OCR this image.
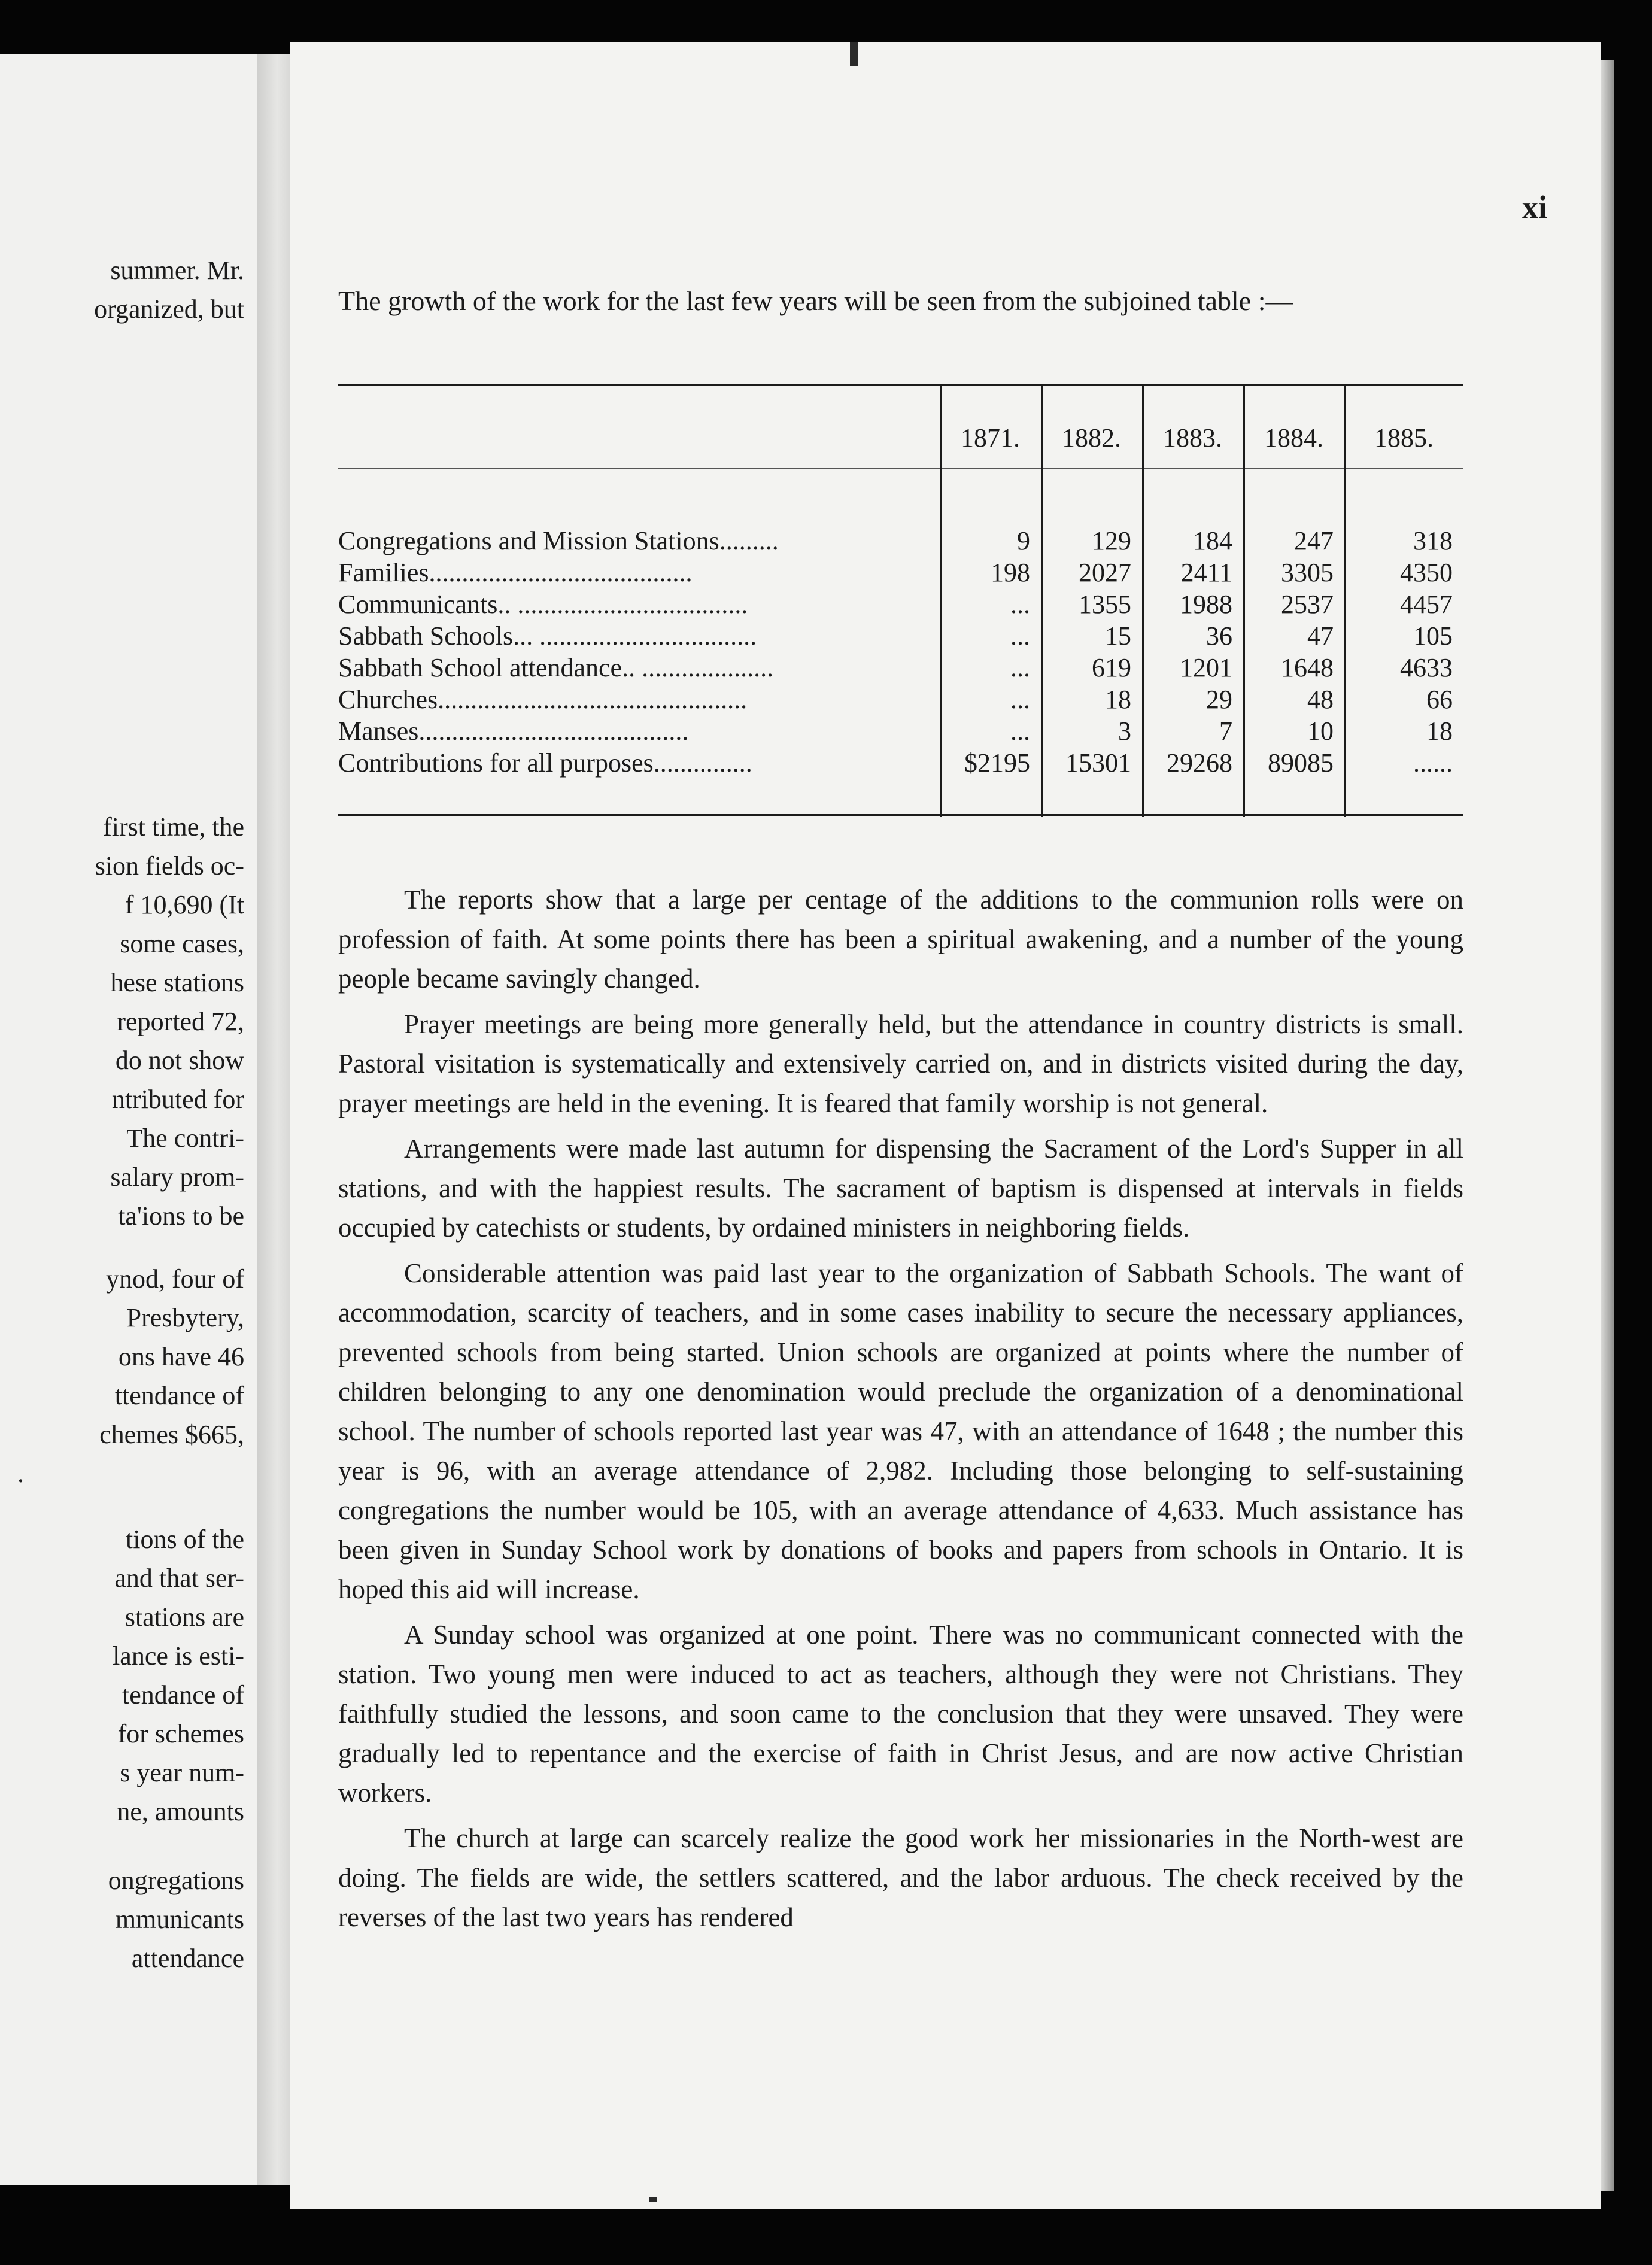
summer. Mr.
organized, but
first time, the
sion fields oc-
f 10,690 (It
some cases,
hese stations
reported 72,
do not show
ntributed for
The contri-
salary prom-
ta'ions to be
ynod, four of
Presbytery,
ons have 46
ttendance of
chemes $665,
.
tions of the
and that ser-
stations are
lance is esti-
tendance of
for schemes
s year num-
ne, amounts
ongregations
mmunicants
attendance
xi

The growth of the work for the last few years will be seen from the subjoined table :—

	1871.	1882.	1883.	1884.	1885.

Congregations and Mission Stations.........	9	129	184	247	318
Families........................................	198	2027	2411	3305	4350
Communicants.. ...................................	...	1355	1988	2537	4457
Sabbath Schools... .................................	...	15	36	47	105
Sabbath School attendance.. ....................	...	619	1201	1648	4633
Churches...............................................	...	18	29	48	66
Manses.........................................	...	3	7	10	18
Contributions for all purposes...............	$2195	15301	29268	89085	......

The reports show that a large per centage of the additions to the communion rolls were on profession of faith. At some points there has been a spiritual awakening, and a number of the young people became savingly changed.

Prayer meetings are being more generally held, but the attendance in country districts is small. Pastoral visitation is systematically and extensively carried on, and in districts visited during the day, prayer meetings are held in the evening. It is feared that family worship is not general.

Arrangements were made last autumn for dispensing the Sacrament of the Lord's Supper in all stations, and with the happiest results. The sacrament of baptism is dispensed at intervals in fields occupied by catechists or students, by ordained ministers in neighboring fields.

Considerable attention was paid last year to the organization of Sabbath Schools. The want of accommodation, scarcity of teachers, and in some cases inability to secure the necessary appliances, prevented schools from being started. Union schools are organized at points where the number of children belonging to any one denomination would preclude the organization of a denominational school. The number of schools reported last year was 47, with an attendance of 1648 ; the number this year is 96, with an average attendance of 2,982. Including those belonging to self-sustaining congregations the number would be 105, with an average attendance of 4,633. Much assistance has been given in Sunday School work by donations of books and papers from schools in Ontario. It is hoped this aid will increase.

A Sunday school was organized at one point. There was no communicant connected with the station. Two young men were induced to act as teachers, although they were not Christians. They faithfully studied the lessons, and soon came to the conclusion that they were unsaved. They were gradually led to repentance and the exercise of faith in Christ Jesus, and are now active Christian workers.

The church at large can scarcely realize the good work her missionaries in the North-west are doing. The fields are wide, the settlers scattered, and the labor arduous. The check received by the reverses of the last two years has rendered
